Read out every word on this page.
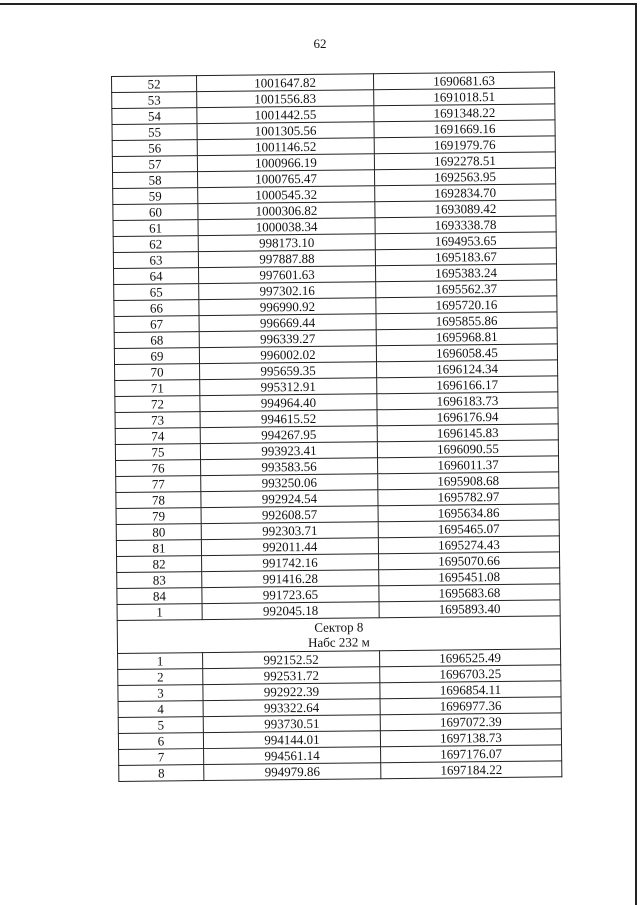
62
52	1001647.82	1690681.63
53	1001556.83	1691018.51
54	1001442.55	1691348.22
55	1001305.56	1691669.16
56	1001146.52	1691979.76
57	1000966.19	1692278.51
58	1000765.47	1692563.95
59	1000545.32	1692834.70
60	1000306.82	1693089.42
61	1000038.34	1693338.78
62	998173.10	1694953.65
63	997887.88	1695183.67
64	997601.63	1695383.24
65	997302.16	1695562.37
66	996990.92	1695720.16
67	996669.44	1695855.86
68	996339.27	1695968.81
69	996002.02	1696058.45
70	995659.35	1696124.34
71	995312.91	1696166.17
72	994964.40	1696183.73
73	994615.52	1696176.94
74	994267.95	1696145.83
75	993923.41	1696090.55
76	993583.56	1696011.37
77	993250.06	1695908.68
78	992924.54	1695782.97
79	992608.57	1695634.86
80	992303.71	1695465.07
81	992011.44	1695274.43
82	991742.16	1695070.66
83	991416.28	1695451.08
84	991723.65	1695683.68
1	992045.18	1695893.40

Сектор 8
Набс 232 м		

1	992152.52	1696525.49
2	992531.72	1696703.25
3	992922.39	1696854.11
4	993322.64	1696977.36
5	993730.51	1697072.39
6	994144.01	1697138.73
7	994561.14	1697176.07
8	994979.86	1697184.22
